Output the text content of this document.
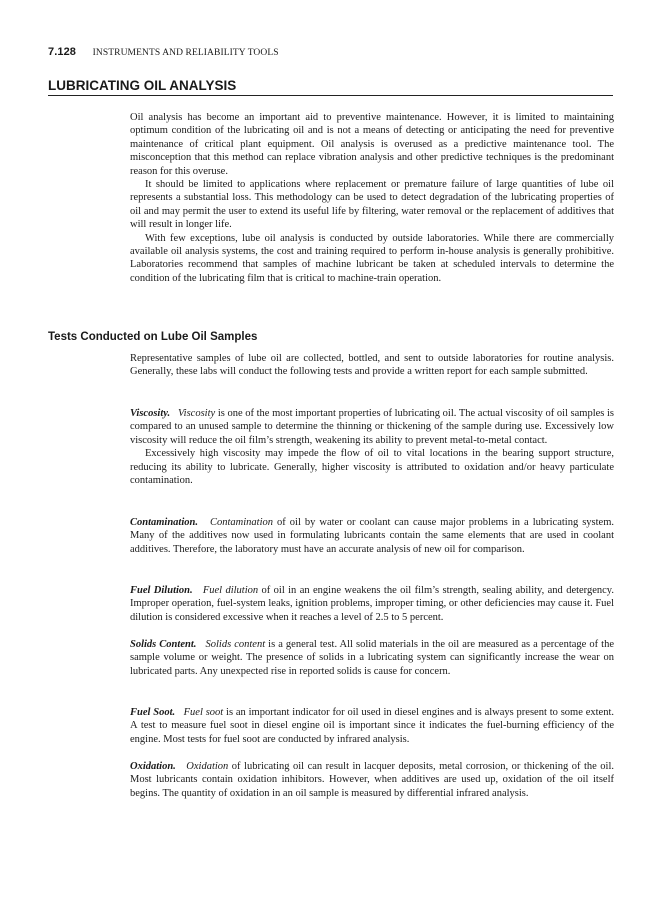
7.128 INSTRUMENTS AND RELIABILITY TOOLS
LUBRICATING OIL ANALYSIS

Oil analysis has become an important aid to preventive maintenance. However, it is limited to maintaining optimum condition of the lubricating oil and is not a means of detecting or anticipating the need for preventive maintenance of critical plant equipment. Oil analysis is overused as a predictive maintenance tool. The misconception that this method can replace vibration analysis and other predictive techniques is the predominant reason for this overuse.

It should be limited to applications where replacement or premature failure of large quantities of lube oil represents a substantial loss. This methodology can be used to detect degradation of the lubricating properties of oil and may permit the user to extend its useful life by filtering, water removal or the replacement of additives that will result in longer life.

With few exceptions, lube oil analysis is conducted by outside laboratories. While there are commercially available oil analysis systems, the cost and training required to perform in-house analysis is generally prohibitive. Laboratories recommend that samples of machine lubricant be taken at scheduled intervals to determine the condition of the lubricating film that is critical to machine-train operation.

Tests Conducted on Lube Oil Samples

Representative samples of lube oil are collected, bottled, and sent to outside laboratories for routine analysis. Generally, these labs will conduct the following tests and provide a written report for each sample submitted.

Viscosity. Viscosity is one of the most important properties of lubricating oil. The actual viscosity of oil samples is compared to an unused sample to determine the thinning or thickening of the sample during use. Excessively low viscosity will reduce the oil film’s strength, weakening its ability to prevent metal-to-metal contact.

Excessively high viscosity may impede the flow of oil to vital locations in the bearing support structure, reducing its ability to lubricate. Generally, higher viscosity is attributed to oxidation and/or heavy particulate contamination.

Contamination. Contamination of oil by water or coolant can cause major problems in a lubricating system. Many of the additives now used in formulating lubricants contain the same elements that are used in coolant additives. Therefore, the laboratory must have an accurate analysis of new oil for comparison.

Fuel Dilution. Fuel dilution of oil in an engine weakens the oil film’s strength, sealing ability, and detergency. Improper operation, fuel-system leaks, ignition problems, improper timing, or other deficiencies may cause it. Fuel dilution is considered excessive when it reaches a level of 2.5 to 5 percent.

Solids Content. Solids content is a general test. All solid materials in the oil are measured as a percentage of the sample volume or weight. The presence of solids in a lubricating system can significantly increase the wear on lubricated parts. Any unexpected rise in reported solids is cause for concern.

Fuel Soot. Fuel soot is an important indicator for oil used in diesel engines and is always present to some extent. A test to measure fuel soot in diesel engine oil is important since it indicates the fuel-burning efficiency of the engine. Most tests for fuel soot are conducted by infrared analysis.

Oxidation. Oxidation of lubricating oil can result in lacquer deposits, metal corrosion, or thickening of the oil. Most lubricants contain oxidation inhibitors. However, when additives are used up, oxidation of the oil itself begins. The quantity of oxidation in an oil sample is measured by differential infrared analysis.
